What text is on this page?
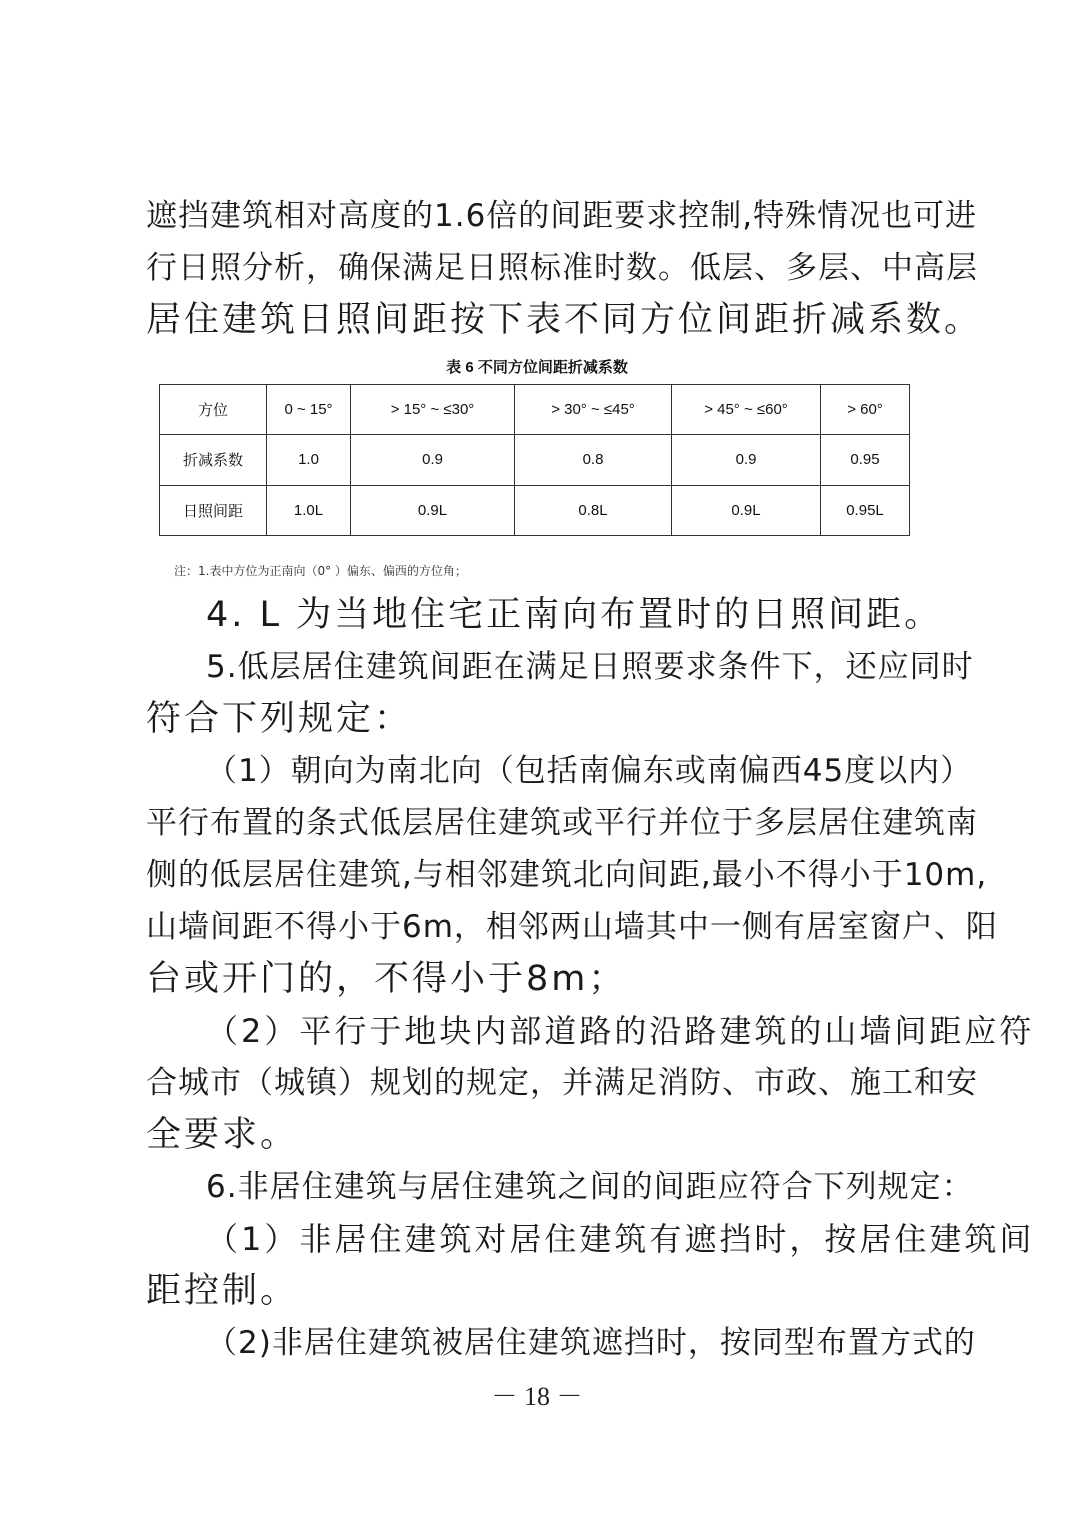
遮挡建筑相对高度的1.6倍的间距要求控制,特殊情况也可进
行日照分析，确保满足日照标准时数。低层、多层、中高层
居住建筑日照间距按下表不同方位间距折减系数。
表 6 不同方位间距折减系数
方位	0 ~ 15°	> 15° ~ ≤30°	> 30° ~ ≤45°	> 45° ~ ≤60°	> 60°
折减系数	1.0	0.9	0.8	0.9	0.95
日照间距	1.0L	0.9L	0.8L	0.9L	0.95L
注：1.表中方位为正南向（0° ）偏东、偏西的方位角；
4. L 为当地住宅正南向布置时的日照间距。
5.低层居住建筑间距在满足日照要求条件下，还应同时
符合下列规定：
（1）朝向为南北向（包括南偏东或南偏西45度以内）
平行布置的条式低层居住建筑或平行并位于多层居住建筑南
侧的低层居住建筑,与相邻建筑北向间距,最小不得小于10m,
山墙间距不得小于6m，相邻两山墙其中一侧有居室窗户、阳
台或开门的，不得小于8m；
（2）平行于地块内部道路的沿路建筑的山墙间距应符
合城市（城镇）规划的规定，并满足消防、市政、施工和安
全要求。
6.非居住建筑与居住建筑之间的间距应符合下列规定：
（1）非居住建筑对居住建筑有遮挡时，按居住建筑间
距控制。
（2)非居住建筑被居住建筑遮挡时，按同型布置方式的
－ 18 －
